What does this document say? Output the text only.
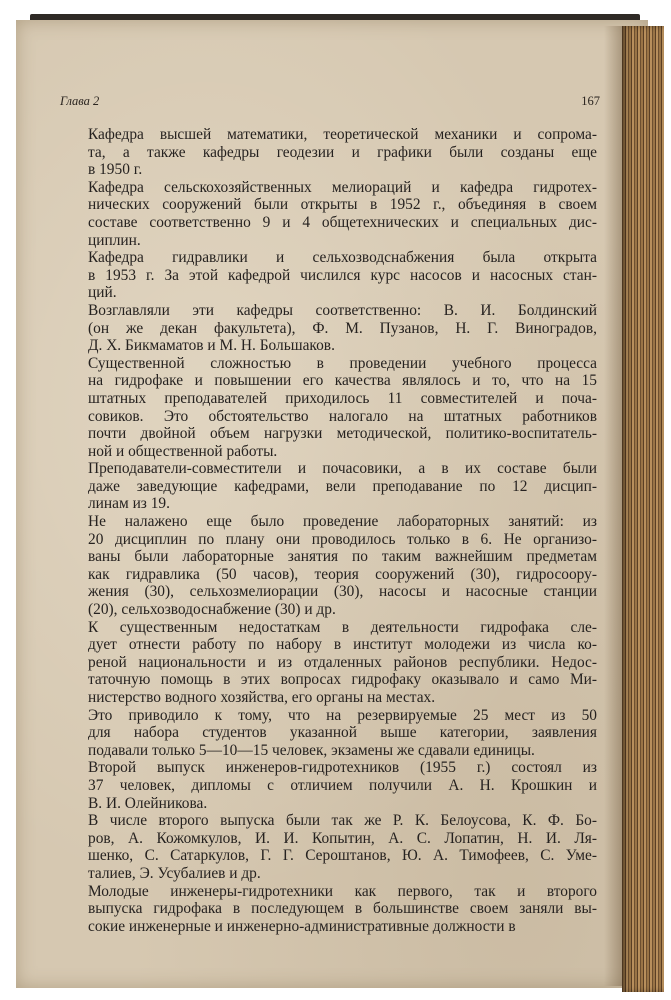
Глава 2	167

Кафедра высшей математики, теоретической механики и сопрома-
та, а также кафедры геодезии и графики были созданы еще
в 1950 г.

Кафедра сельскохозяйственных мелиораций и кафедра гидротех-
нических сооружений были открыты в 1952 г., объединяя в своем
составе соответственно 9 и 4 общетехнических и специальных дис-
циплин.

Кафедра гидравлики и сельхозводснабжения была открыта
в 1953 г. За этой кафедрой числился курс насосов и насосных стан-
ций.

Возглавляли эти кафедры соответственно: В. И. Болдинский
(он же декан факультета), Ф. М. Пузанов, Н. Г. Виноградов,
Д. Х. Бикмаматов и М. Н. Большаков.

Существенной сложностью в проведении учебного процесса
на гидрофаке и повышении его качества являлось и то, что на 15
штатных преподавателей приходилось 11 совместителей и поча-
совиков. Это обстоятельство налогало на штатных работников
почти двойной объем нагрузки методической, политико-воспитатель-
ной и общественной работы.

Преподаватели-совместители и почасовики, а в их составе были
даже заведующие кафедрами, вели преподавание по 12 дисцип-
линам из 19.

Не налажено еще было проведение лабораторных занятий: из
20 дисциплин по плану они проводилось только в 6. Не организо-
ваны были лабораторные занятия по таким важнейшим предметам
как гидравлика (50 часов), теория сооружений (30), гидросоору-
жения (30), сельхозмелиорации (30), насосы и насосные станции
(20), сельхозводоснабжение (30) и др.

К существенным недостаткам в деятельности гидрофака сле-
дует отнести работу по набору в институт молодежи из числа ко-
реной национальности и из отдаленных районов республики. Недос-
таточную помощь в этих вопросах гидрофаку оказывало и само Ми-
нистерство водного хозяйства, его органы на местах.

Это приводило к тому, что на резервируемые 25 мест из 50
для набора студентов указанной выше категории, заявления
подавали только 5—10—15 человек, экзамены же сдавали единицы.

Второй выпуск инженеров-гидротехников (1955 г.) состоял из
37 человек, дипломы с отличием получили А. Н. Крошкин и
В. И. Олейникова.

В числе второго выпуска были так же Р. К. Белоусова, К. Ф. Бо-
ров, А. Кожомкулов, И. И. Копытин, А. С. Лопатин, Н. И. Ля-
шенко, С. Сатаркулов, Г. Г. Сероштанов, Ю. А. Тимофеев, С. Уме-
талиев, Э. Усубалиев и др.

Молодые инженеры-гидротехники как первого, так и второго
выпуска гидрофака в последующем в большинстве своем заняли вы-
сокие инженерные и инженерно-административные должности в
